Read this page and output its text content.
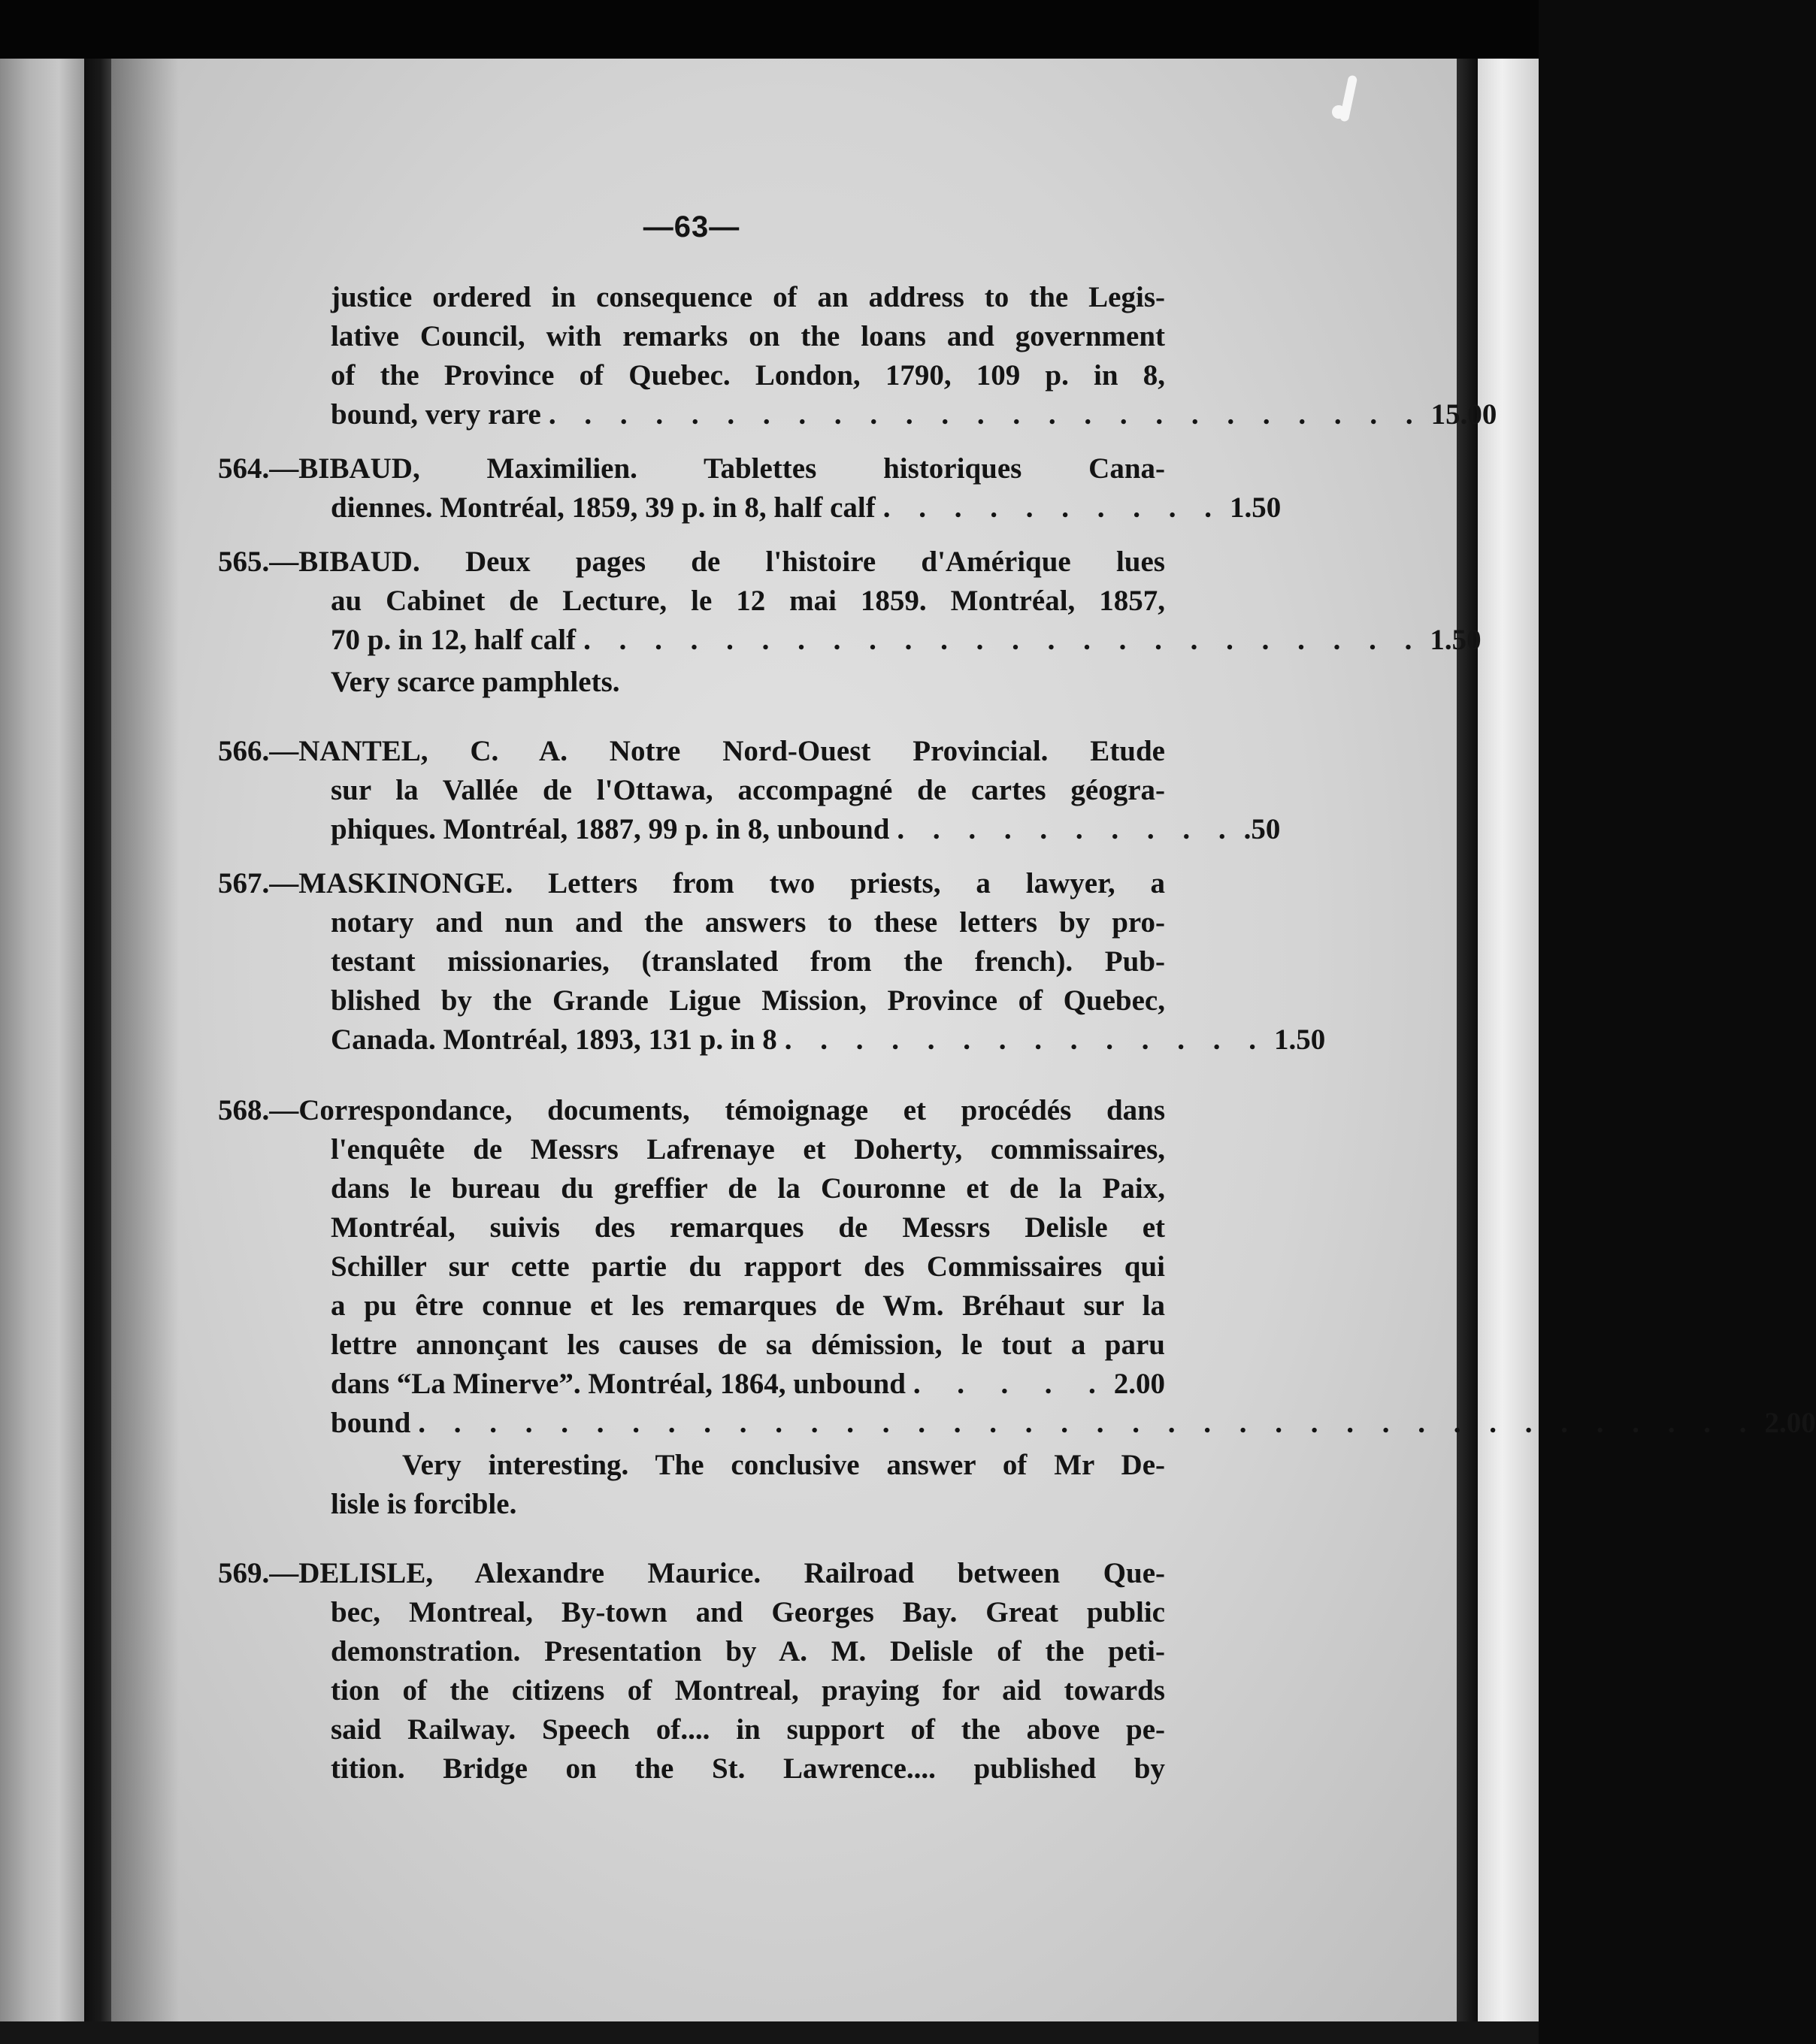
—63—
justice ordered in consequence of an address to the Legis-
lative Council, with remarks on the loans and government
of the Province of Quebec. London, 1790, 109 p. in 8,
bound, very rare . . . . . . . . . . . . . . . . . . . . . . . . . 15.00
564.—BIBAUD, Maximilien. Tablettes historiques Cana-
diennes. Montréal, 1859, 39 p. in 8, half calf . . . . . . . . . . 1.50
565.—BIBAUD. Deux pages de l'histoire d'Amérique lues
au Cabinet de Lecture, le 12 mai 1859. Montréal, 1857,
70 p. in 12, half calf . . . . . . . . . . . . . . . . . . . . . . . . 1.50
Very scarce pamphlets.
566.—NANTEL, C. A. Notre Nord-Ouest Provincial. Etude
sur la Vallée de l'Ottawa, accompagné de cartes géogra-
phiques. Montréal, 1887, 99 p. in 8, unbound . . . . . . . . . . .50
567.—MASKINONGE. Letters from two priests, a lawyer, a
notary and nun and the answers to these letters by pro-
testant missionaries, (translated from the french). Pub-
blished by the Grande Ligue Mission, Province of Quebec,
Canada. Montréal, 1893, 131 p. in 8 . . . . . . . . . . . . . . 1.50
568.—Correspondance, documents, témoignage et procédés dans
l'enquête de Messrs Lafrenaye et Doherty, commissaires,
dans le bureau du greffier de la Couronne et de la Paix,
Montréal, suivis des remarques de Messrs Delisle et
Schiller sur cette partie du rapport des Commissaires qui
a pu être connue et les remarques de Wm. Bréhaut sur la
lettre annonçant les causes de sa démission, le tout a paru
dans “La Minerve”. Montréal, 1864, unbound . . . . . 2.00
bound . . . . . . . . . . . . . . . . . . . . . . . . . . . . . . . . . . . . . . 2.00
Very interesting. The conclusive answer of Mr De-
lisle is forcible.
569.—DELISLE, Alexandre Maurice. Railroad between Que-
bec, Montreal, By-town and Georges Bay. Great public
demonstration. Presentation by A. M. Delisle of the peti-
tion of the citizens of Montreal, praying for aid towards
said Railway. Speech of.... in support of the above pe-
tition. Bridge on the St. Lawrence.... published by
